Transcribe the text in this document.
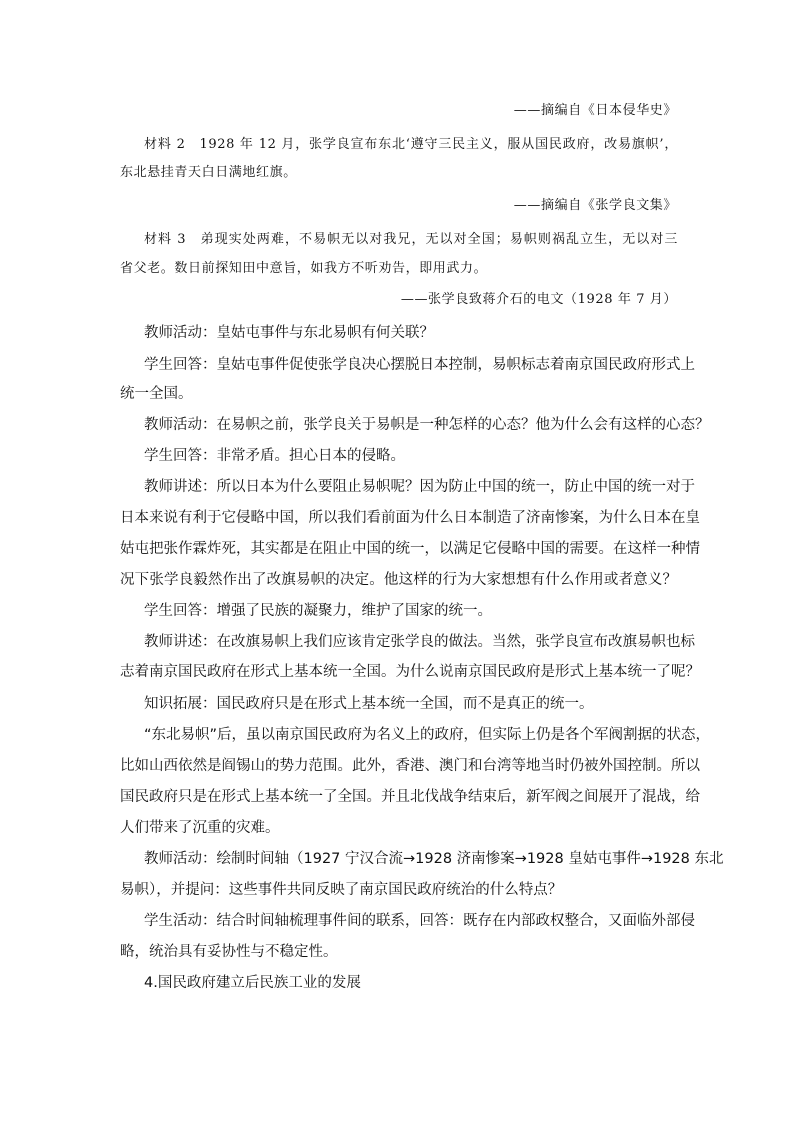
——摘编自《日本侵华史》
材料 2　1928 年 12 月，张学良宣布东北‘遵守三民主义，服从国民政府，改易旗帜’，
东北悬挂青天白日满地红旗。
——摘编自《张学良文集》
材料 3　弟现实处两难，不易帜无以对我兄，无以对全国；易帜则祸乱立生，无以对三
省父老。数日前探知田中意旨，如我方不听劝告，即用武力。
——张学良致蒋介石的电文（1928 年 7 月）
教师活动：皇姑屯事件与东北易帜有何关联？
学生回答：皇姑屯事件促使张学良决心摆脱日本控制，易帜标志着南京国民政府形式上
统一全国。
教师活动：在易帜之前，张学良关于易帜是一种怎样的心态？他为什么会有这样的心态？
学生回答：非常矛盾。担心日本的侵略。
教师讲述：所以日本为什么要阻止易帜呢？因为防止中国的统一，防止中国的统一对于
日本来说有利于它侵略中国，所以我们看前面为什么日本制造了济南惨案，为什么日本在皇
姑屯把张作霖炸死，其实都是在阻止中国的统一，以满足它侵略中国的需要。在这样一种情
况下张学良毅然作出了改旗易帜的决定。他这样的行为大家想想有什么作用或者意义？
学生回答：增强了民族的凝聚力，维护了国家的统一。
教师讲述：在改旗易帜上我们应该肯定张学良的做法。当然，张学良宣布改旗易帜也标
志着南京国民政府在形式上基本统一全国。为什么说南京国民政府是形式上基本统一了呢？
知识拓展：国民政府只是在形式上基本统一全国，而不是真正的统一。
“东北易帜”后，虽以南京国民政府为名义上的政府，但实际上仍是各个军阀割据的状态，
比如山西依然是阎锡山的势力范围。此外，香港、澳门和台湾等地当时仍被外国控制。所以
国民政府只是在形式上基本统一了全国。并且北伐战争结束后，新军阀之间展开了混战，给
人们带来了沉重的灾难。
教师活动：绘制时间轴（1927 宁汉合流→1928 济南惨案→1928 皇姑屯事件→1928 东北
易帜），并提问：这些事件共同反映了南京国民政府统治的什么特点？
学生活动：结合时间轴梳理事件间的联系，回答：既存在内部政权整合，又面临外部侵
略，统治具有妥协性与不稳定性。
4.国民政府建立后民族工业的发展
